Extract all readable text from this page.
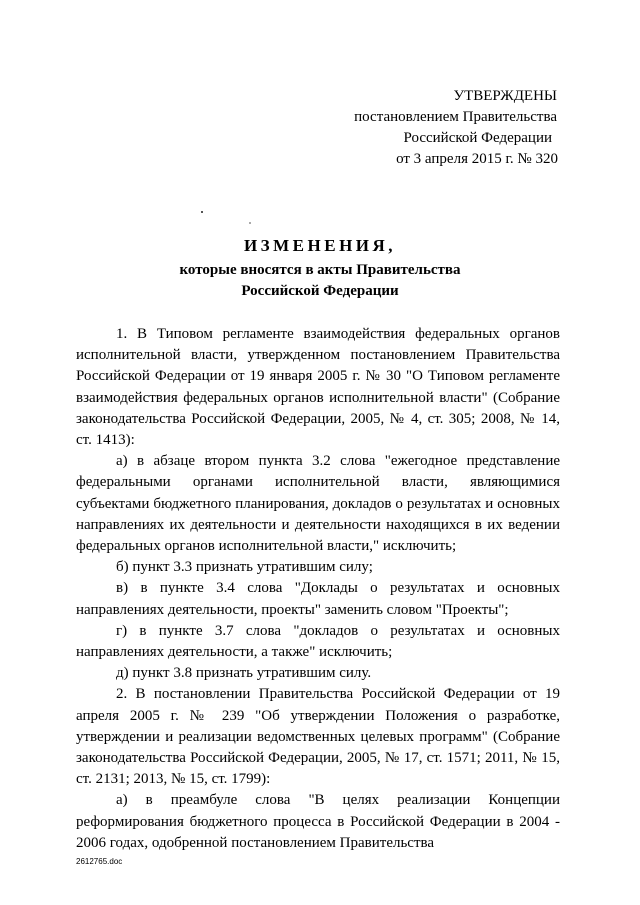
УТВЕРЖДЕНЫ
постановлением Правительства
Российской Федерации
от 3 апреля 2015 г. № 320
ИЗМЕНЕНИЯ,
которые вносятся в акты Правительства
Российской Федерации
1. В Типовом регламенте взаимодействия федеральных органов исполнительной власти, утвержденном постановлением Правительства Российской Федерации от 19 января 2005 г. № 30 "О Типовом регламенте взаимодействия федеральных органов исполнительной власти" (Собрание законодательства Российской Федерации, 2005, № 4, ст. 305; 2008, № 14, ст. 1413):
а) в абзаце втором пункта 3.2 слова "ежегодное представление федеральными органами исполнительной власти, являющимися субъектами бюджетного планирования, докладов о результатах и основных направлениях их деятельности и деятельности находящихся в их ведении федеральных органов исполнительной власти," исключить;
б) пункт 3.3 признать утратившим силу;
в) в пункте 3.4 слова "Доклады о результатах и основных направлениях деятельности, проекты" заменить словом "Проекты";
г) в пункте 3.7 слова "докладов о результатах и основных направлениях деятельности, а также" исключить;
д) пункт 3.8 признать утратившим силу.
2. В постановлении Правительства Российской Федерации от 19 апреля 2005 г. № 239 "Об утверждении Положения о разработке, утверждении и реализации ведомственных целевых программ" (Собрание законодательства Российской Федерации, 2005, № 17, ст. 1571; 2011, № 15, ст. 2131; 2013, № 15, ст. 1799):
а) в преамбуле слова "В целях реализации Концепции реформирования бюджетного процесса в Российской Федерации в 2004 - 2006 годах, одобренной постановлением Правительства
2612765.doc
